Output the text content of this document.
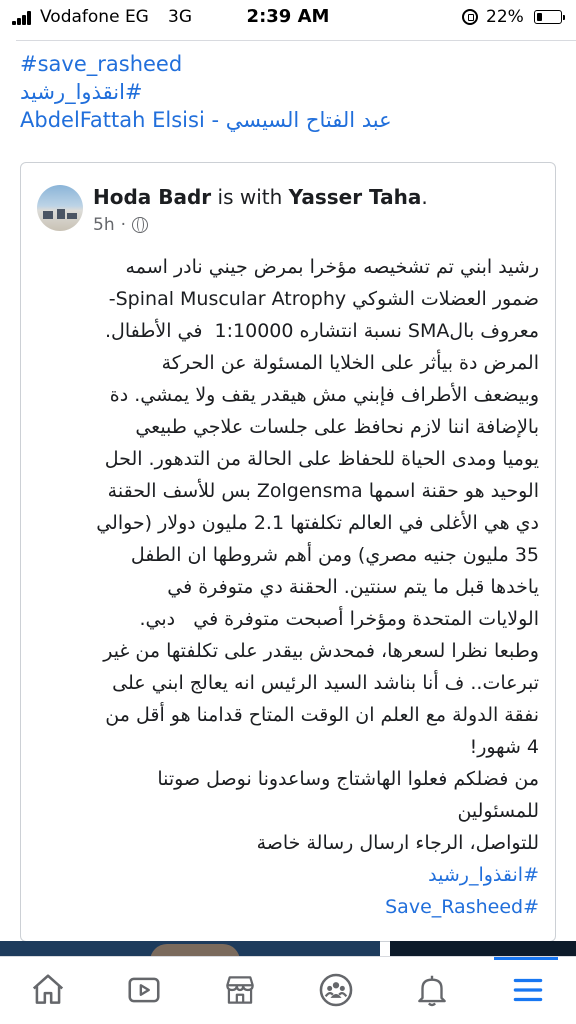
Vodafone EG 3G	2:39 AM	22%
#save_rasheed
#انقذوا_رشيد
AbdelFattah Elsisi - عبد الفتاح السيسي
Hoda Badr is with Yasser Taha.
5h ·

رشيد ابني تم تشخيصه مؤخرا بمرض جيني نادر اسمه

ضمور العضلات الشوكي Spinal Muscular Atrophy-

معروف بالSMA نسبة انتشاره 1:10000  في الأطفال.

المرض دة بيأثر على الخلايا المسئولة عن الحركة

وبيضعف الأطراف فإبني مش هيقدر يقف ولا يمشي. دة

بالإضافة اننا لازم نحافظ على جلسات علاجي طبيعي

يوميا ومدى الحياة للحفاظ على الحالة من التدهور. الحل

الوحيد هو حقنة اسمها Zolgensma بس للأسف الحقنة

دي هي الأغلى في العالم تكلفتها 2.1 مليون دولار (حوالي

35 مليون جنيه مصري) ومن أهم شروطها ان الطفل

ياخدها قبل ما يتم سنتين. الحقنة دي متوفرة في

الولايات المتحدة ومؤخرا أصبحت متوفرة في   دبي.

وطبعا نظرا لسعرها، فمحدش بيقدر على تكلفتها من غير

تبرعات.. ف أنا بناشد السيد الرئيس انه يعالج ابني على

نفقة الدولة مع العلم ان الوقت المتاح قدامنا هو أقل من

4 شهور!

من فضلكم فعلوا الهاشتاج وساعدونا نوصل صوتنا

للمسئولين

للتواصل، الرجاء ارسال رسالة خاصة

#انقذوا_رشيد

#Save_Rasheed
